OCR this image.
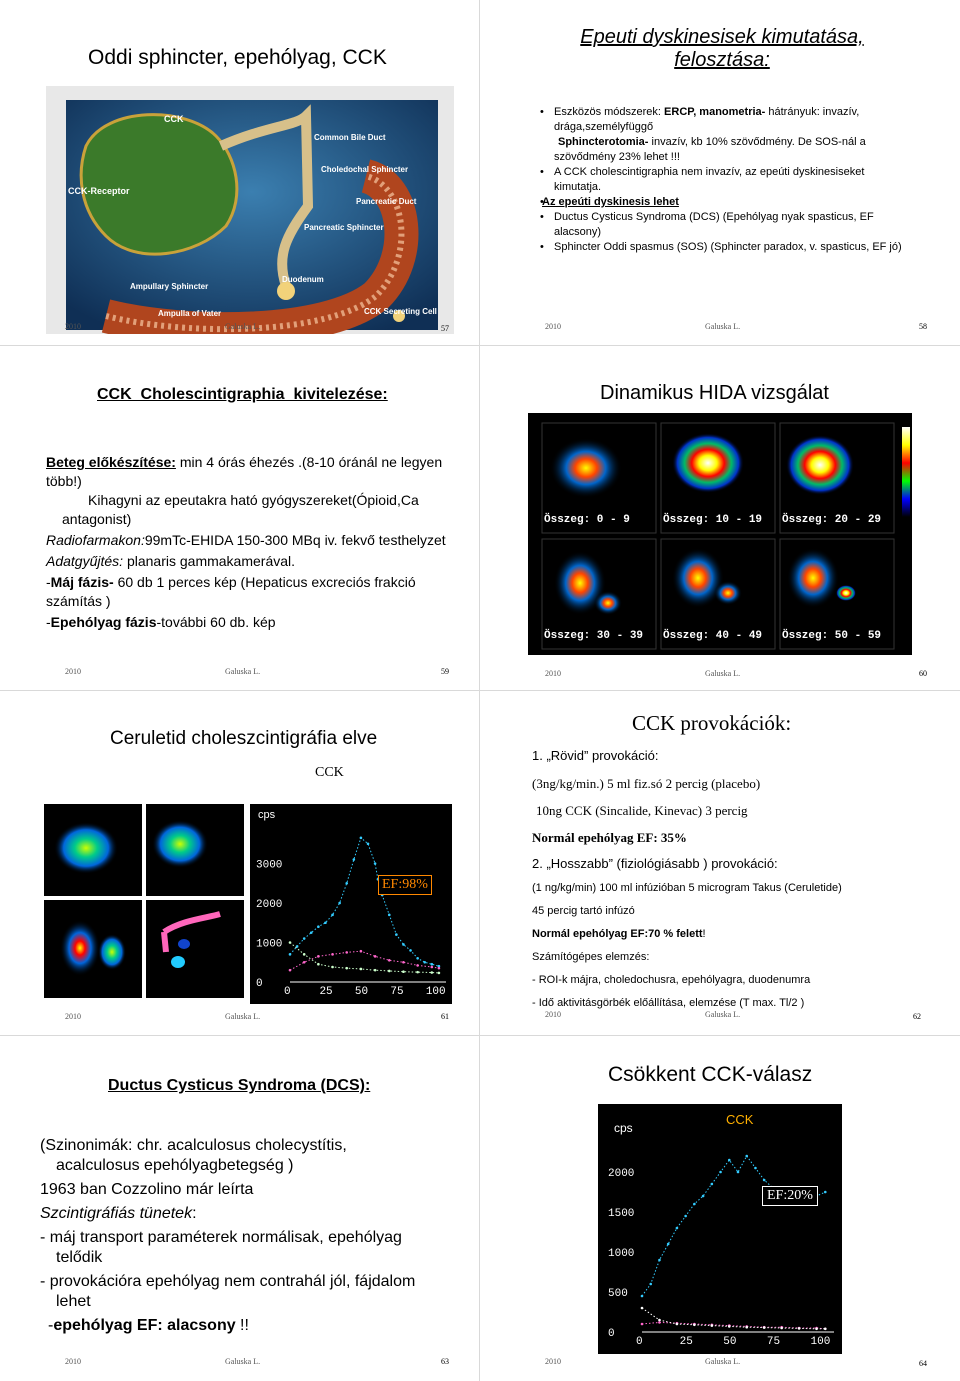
Oddi sphincter, epehólyag, CCK
CCK
CCK-Receptor
Common Bile Duct
Choledochal Sphincter
Pancreatic Duct
Pancreatic Sphincter
Duodenum
Ampullary Sphincter
Ampulla of Vater	CCK Secreting Cell
2010	Galuska L.	57
Epeuti dyskinesisek kimutatása,
felosztása:
• Eszközös módszerek: ERCP, manometria- hátrányuk: invazív, drága,személyfüggő
Sphincterotomia- invazív, kb 10% szövődmény. De SOS-nál a szövődmény 23% lehet !!!
• A CCK cholescintigraphia nem invazív, az epeúti dyskinesiseket kimutatja.
• Az epeúti dyskinesis lehet
• Ductus Cysticus Syndroma (DCS) (Epehólyag nyak spasticus, EF alacsony)
• Sphincter Oddi spasmus (SOS) (Sphincter paradox, v. spasticus, EF jó)
2010	Galuska L.	58
CCK  Cholescintigraphia  kivitelezése:
Beteg előkészítése: min 4 órás éhezés .(8-10 óránál ne legyen több!)
Kihagyni az epeutakra ható gyógyszereket(Ópioid,Ca antagonist)
Radiofarmakon:99mTc-EHIDA 150-300 MBq iv. fekvő testhelyzet
Adatgyűjtés: planaris gammakamerával.
-Máj fázis- 60 db 1 perces kép (Hepaticus excreciós frakció számítás )
-Epehólyag fázis-további 60 db. kép
2010	Galuska L.	59
Dinamikus HIDA vizsgálat
Összeg: 0 - 9	Összeg: 10 - 19 Összeg: 20 - 29
Összeg: 30 - 39 Összeg: 40 - 49 Összeg: 50 - 59
2010	Galuska L.	60
Ceruletid choleszcintigráfia elve
CCK
0
1000
2000
3000
0	25 50 75 100
cps
EF:98%
2010	Galuska L.	61
CCK provokációk:
1. „Rövid” provokáció:
(3ng/kg/min.) 5 ml fiz.só 2 percig (placebo)
10ng CCK (Sincalide, Kinevac) 3 percig
Normál epehólyag EF: 35%
2. „Hosszabb” (fiziológiásabb ) provokáció:
(1 ng/kg/min) 100 ml infúzióban 5 microgram Takus (Ceruletide)
45 percig tartó infúzó
Normál epehólyag EF:70 % felett!
Számítógépes elemzés:
- ROI-k májra, choledochusra, epehólyagra, duodenumra
- Idő aktivitásgörbék előállítása, elemzése (T max. Tl/2 )
2010	Galuska L.	62
Ductus Cysticus Syndroma (DCS):
(Szinonimák: chr. acalculosus cholecystítis,
acalculosus epehólyagbetegség )
1963 ban Cozzolino már leírta
Szcintigráfiás tünetek:
- máj transport paraméterek normálisak, epehólyag
telődik
- provokációra epehólyag nem contrahál jól, fájdalom
lehet
-epehólyag EF: alacsony !!
2010	Galuska L.	63
Csökkent CCK-válasz
0
500
1000
1500
2000
0	25	50	75	100
cps
CCK
EF:20%
2010	Galuska L.	64
